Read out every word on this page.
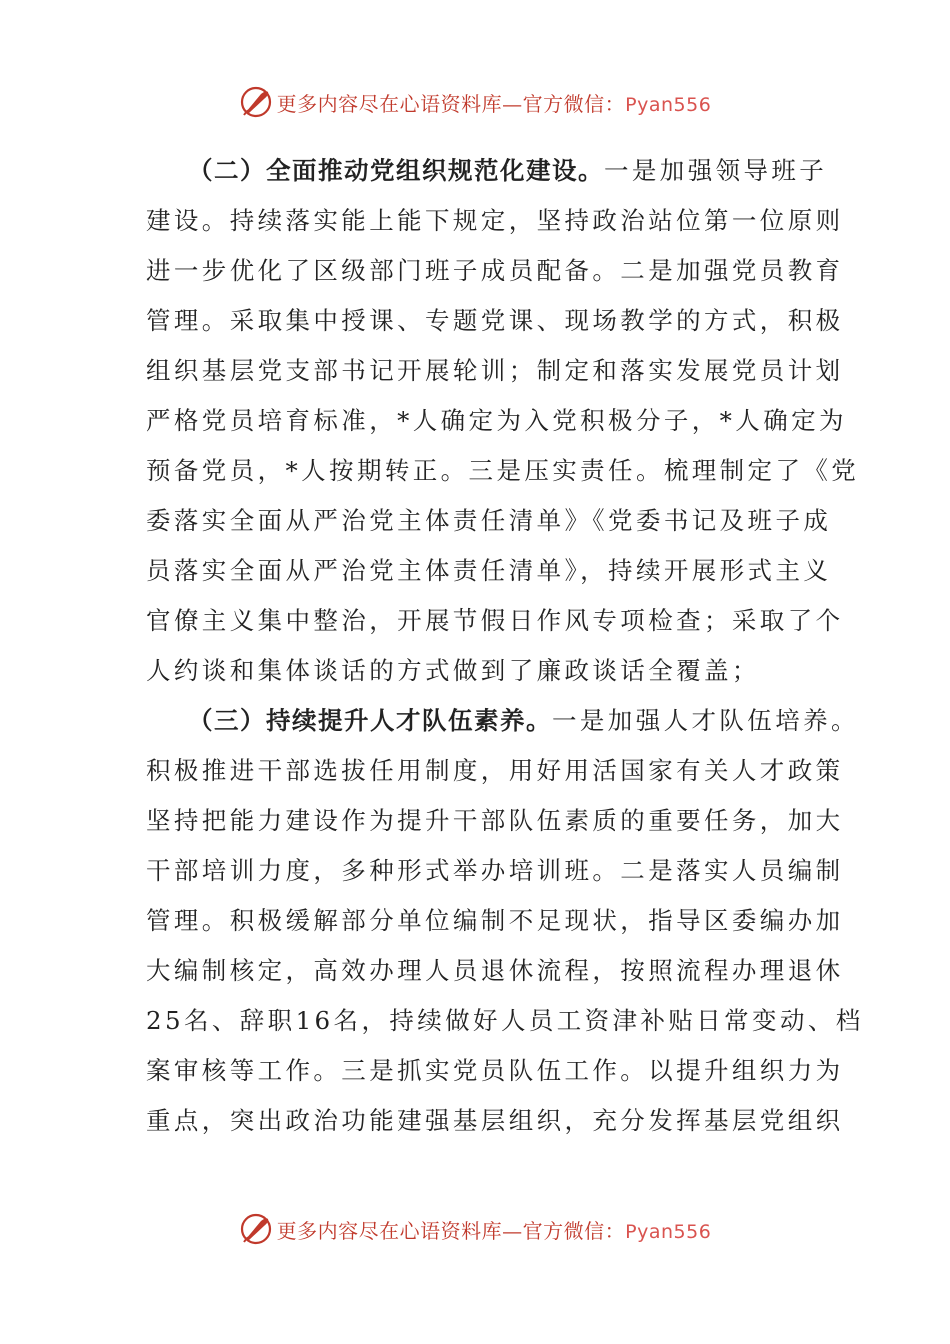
更多内容尽在心语资料库—官方微信：Pyan556

（二）全面推动党组织规范化建设。一是加强领导班子
建设。持续落实能上能下规定，坚持政治站位第一位原则
进一步优化了区级部门班子成员配备。二是加强党员教育
管理。采取集中授课、专题党课、现场教学的方式，积极
组织基层党支部书记开展轮训；制定和落实发展党员计划
严格党员培育标准，*人确定为入党积极分子，*人确定为
预备党员，*人按期转正。三是压实责任。梳理制定了《党
委落实全面从严治党主体责任清单》《党委书记及班子成
员落实全面从严治党主体责任清单》，持续开展形式主义
官僚主义集中整治，开展节假日作风专项检查；采取了个
人约谈和集体谈话的方式做到了廉政谈话全覆盖；

（三）持续提升人才队伍素养。一是加强人才队伍培养。
积极推进干部选拔任用制度，用好用活国家有关人才政策
坚持把能力建设作为提升干部队伍素质的重要任务，加大
干部培训力度，多种形式举办培训班。二是落实人员编制
管理。积极缓解部分单位编制不足现状，指导区委编办加
大编制核定，高效办理人员退休流程，按照流程办理退休
25名、辞职16名，持续做好人员工资津补贴日常变动、档
案审核等工作。三是抓实党员队伍工作。以提升组织力为
重点，突出政治功能建强基层组织，充分发挥基层党组织

更多内容尽在心语资料库—官方微信：Pyan556
